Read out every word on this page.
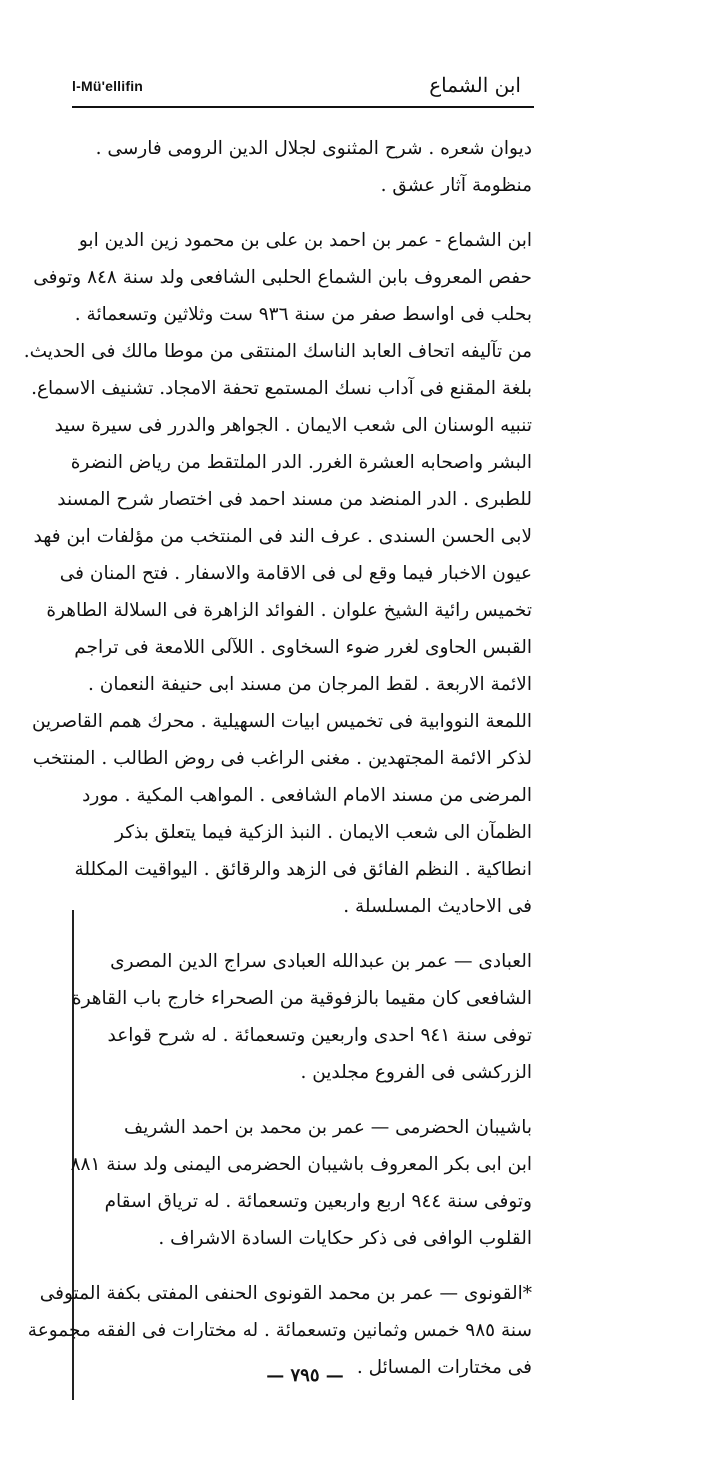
l-Mü'ellifin	ابن الشماع
ديوان شعره . شرح المثنوى لجلال الدين الرومى فارسى .
منظومة آثار عشق .
ابن الشماع - عمر بن احمد بن على بن محمود زين الدين ابو
حفص المعروف بابن الشماع الحلبى الشافعى ولد سنة ٨٤٨ وتوفى
بحلب فى اواسط صفر من سنة ٩٣٦ ست وثلاثين وتسعمائة .
من تآليفه اتحاف العابد الناسك المنتقى من موطا مالك فى الحديث.
بلغة المقنع فى آداب نسك المستمع تحفة الامجاد. تشنيف الاسماع.
تنبيه الوسنان الى شعب الايمان . الجواهر والدرر فى سيرة سيد
البشر واصحابه العشرة الغرر. الدر الملتقط من رياض النضرة
للطبرى . الدر المنضد من مسند احمد فى اختصار شرح المسند
لابى الحسن السندى . عرف الند فى المنتخب من مؤلفات ابن فهد
عيون الاخبار فيما وقع لى فى الاقامة والاسفار . فتح المنان فى
تخميس رائية الشيخ علوان . الفوائد الزاهرة فى السلالة الطاهرة
القبس الحاوى لغرر ضوء السخاوى . اللآلى اللامعة فى تراجم
الائمة الاربعة . لقط المرجان من مسند ابى حنيفة النعمان .
اللمعة النووابية فى تخميس ابيات السهيلية . محرك همم القاصرين
لذكر الائمة المجتهدين . مغنى الراغب فى روض الطالب . المنتخب
المرضى من مسند الامام الشافعى . المواهب المكية . مورد
الظمآن الى شعب الايمان . النبذ الزكية فيما يتعلق بذكر
انطاكية . النظم الفائق فى الزهد والرقائق . اليواقيت المكللة
فى الاحاديث المسلسلة .
العبادى — عمر بن عبدالله العبادى سراج الدين المصرى
الشافعى كان مقيما بالزفوقية من الصحراء خارج باب القاهرة
توفى سنة ٩٤١ احدى واربعين وتسعمائة . له شرح قواعد
الزركشى فى الفروع مجلدين .
باشيبان الحضرمى — عمر بن محمد بن احمد الشريف
ابن ابى بكر المعروف باشيبان الحضرمى اليمنى ولد سنة ٨٨١
وتوفى سنة ٩٤٤ اربع واربعين وتسعمائة . له ترياق اسقام
القلوب الوافى فى ذكر حكايات السادة الاشراف .
*القونوى — عمر بن محمد القونوى الحنفى المفتى بكفة المتوفى
سنة ٩٨٥ خمس وثمانين وتسعمائة . له مختارات فى الفقه مجموعة
فى مختارات المسائل .
— ٧٩٥ —
